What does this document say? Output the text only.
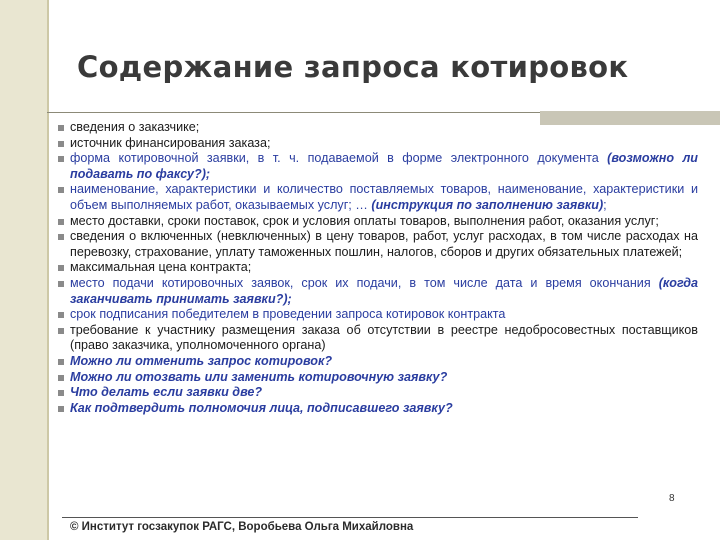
Содержание запроса котировок
сведения о заказчике;
источник финансирования заказа;
форма котировочной заявки, в т. ч. подаваемой в форме электронного документа (возможно ли подавать по факсу?);
наименование, характеристики и количество поставляемых товаров, наименование, характеристики и объем выполняемых работ, оказываемых услуг; … (инструкция по заполнению заявки);
место доставки, сроки поставок, срок и условия оплаты товаров, выполнения работ, оказания услуг;
сведения о включенных (невключенных) в цену товаров, работ, услуг расходах, в том числе расходах на перевозку, страхование, уплату таможенных пошлин, налогов, сборов и других обязательных платежей;
максимальная цена контракта;
место подачи котировочных заявок, срок их подачи, в том числе дата и время окончания (когда заканчивать принимать заявки?);
срок подписания победителем в проведении запроса котировок контракта
требование к участнику размещения заказа об отсутствии в реестре недобросовестных поставщиков (право заказчика, уполномоченного органа)
Можно ли отменить запрос котировок?
Можно ли отозвать или заменить котировочную заявку?
Что делать если заявки две?
Как подтвердить полномочия лица, подписавшего заявку?
8
© Институт госзакупок РАГС, Воробьева Ольга Михайловна
